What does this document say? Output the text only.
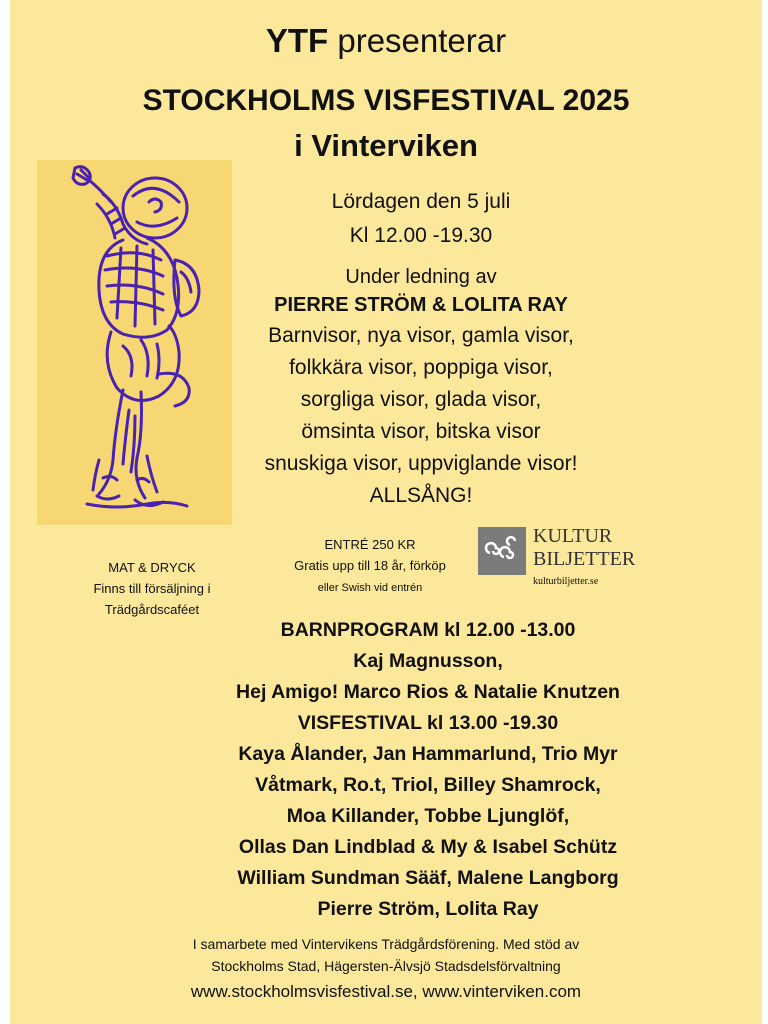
YTF presenterar
STOCKHOLMS VISFESTIVAL 2025
i Vinterviken
Lördagen den 5 juli
Kl 12.00 -19.30
Under ledning av
PIERRE STRÖM & LOLITA RAY
Barnvisor, nya visor, gamla visor,
folkkära visor, poppiga visor,
sorgliga visor, glada visor,
ömsinta visor, bitska visor
snuskiga visor, uppviglande visor!
ALLSÅNG!
MAT & DRYCK
Finns till försäljning i
Trädgårdscaféet
ENTRÉ 250 KR
Gratis upp till 18 år, förköp
eller Swish vid entrén
KULTUR
BILJETTER
kulturbiljetter.se
BARNPROGRAM kl 12.00 -13.00
Kaj Magnusson,
Hej Amigo! Marco Rios & Natalie Knutzen
VISFESTIVAL kl 13.00 -19.30
Kaya Ålander, Jan Hammarlund, Trio Myr
Våtmark, Ro.t, Triol, Billey Shamrock,
Moa Killander, Tobbe Ljunglöf,
Ollas Dan Lindblad & My & Isabel Schütz
William Sundman Sääf, Malene Langborg
Pierre Ström, Lolita Ray
I samarbete med Vintervikens Trädgårdsförening. Med stöd av
Stockholms Stad, Hägersten-Älvsjö Stadsdelsförvaltning
www.stockholmsvisfestival.se, www.vinterviken.com
